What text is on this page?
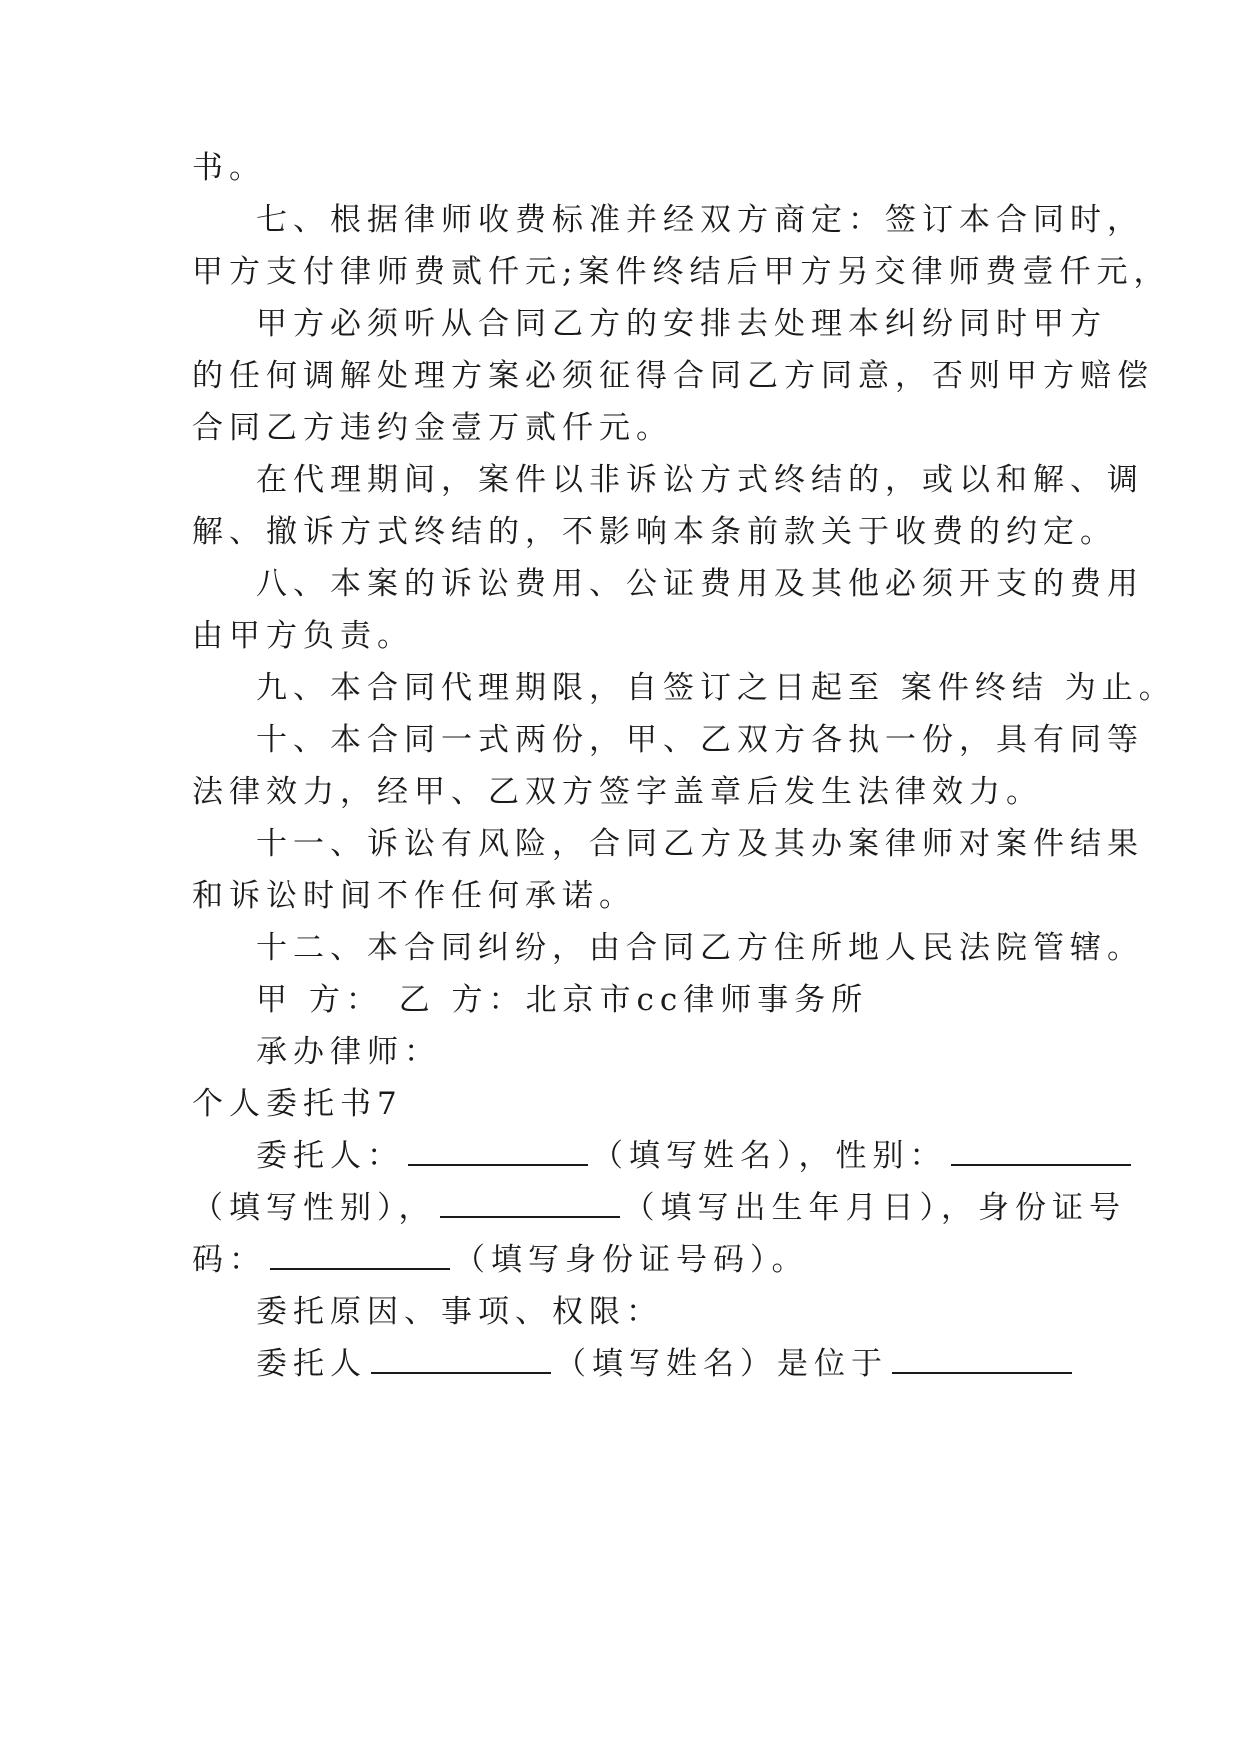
书。
七、根据律师收费标准并经双方商定：签订本合同时，
甲方支付律师费贰仟元;案件终结后甲方另交律师费壹仟元，
甲方必须听从合同乙方的安排去处理本纠纷同时甲方
的任何调解处理方案必须征得合同乙方同意，否则甲方赔偿
合同乙方违约金壹万贰仟元。
在代理期间，案件以非诉讼方式终结的，或以和解、调
解、撤诉方式终结的，不影响本条前款关于收费的约定。
八、本案的诉讼费用、公证费用及其他必须开支的费用
由甲方负责。
九、本合同代理期限，自签订之日起至 案件终结 为止。
十、本合同一式两份，甲、乙双方各执一份，具有同等
法律效力，经甲、乙双方签字盖章后发生法律效力。
十一、诉讼有风险，合同乙方及其办案律师对案件结果
和诉讼时间不作任何承诺。
十二、本合同纠纷，由合同乙方住所地人民法院管辖。
甲 方： 乙 方：北京市cc律师事务所
承办律师：
个人委托书7
委托人：	（填写姓名），性别：
（填写性别），	（填写出生年月日），身份证号
码：	（填写身份证号码）。
委托原因、事项、权限：
委托人	（填写姓名）是位于
